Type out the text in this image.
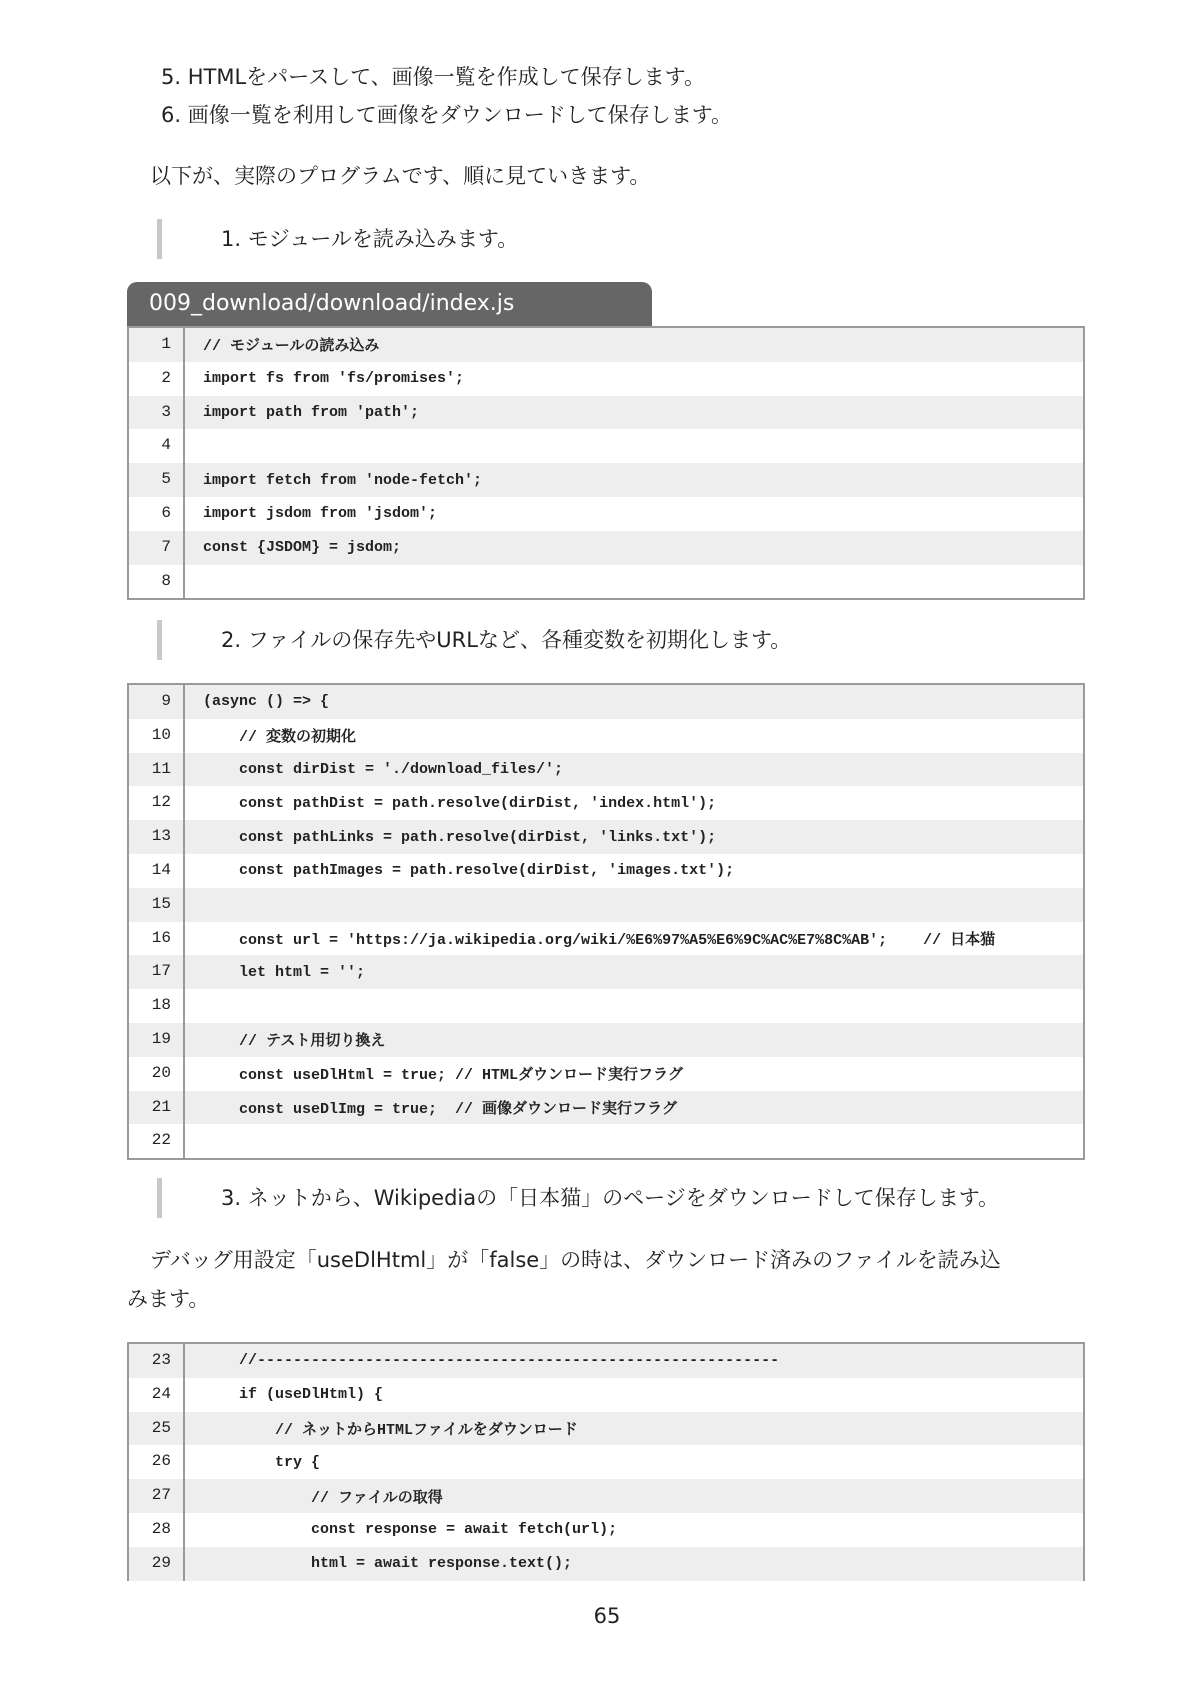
5. HTMLをパースして、画像一覧を作成して保存します。
6. 画像一覧を利用して画像をダウンロードして保存します。
以下が、実際のプログラムです、順に見ていきます。
1. モジュールを読み込みます。
009_download/download/index.js
1	// モジュールの読み込み
2	import fs from 'fs/promises';
3	import path from 'path';
4
5	import fetch from 'node-fetch';
6	import jsdom from 'jsdom';
7	const {JSDOM} = jsdom;
8
2. ファイルの保存先やURLなど、各種変数を初期化します。
9	(async () => {
10	// 変数の初期化
11	const dirDist = './download_files/';
12	const pathDist = path.resolve(dirDist, 'index.html');
13	const pathLinks = path.resolve(dirDist, 'links.txt');
14	const pathImages = path.resolve(dirDist, 'images.txt');
15
16	const url = 'https://ja.wikipedia.org/wiki/%E6%97%A5%E6%9C%AC%E7%8C%AB';    // 日本猫
17	let html = '';
18
19	// テスト用切り換え
20	const useDlHtml = true; // HTMLダウンロード実行フラグ
21	const useDlImg = true;  // 画像ダウンロード実行フラグ
22
3. ネットから、Wikipediaの「日本猫」のページをダウンロードして保存します。
デバッグ用設定「useDlHtml」が「false」の時は、ダウンロード済みのファイルを読み込
みます。
23	//----------------------------------------------------------
24	if (useDlHtml) {
25	// ネットからHTMLファイルをダウンロード
26	try {
27	// ファイルの取得
28	const response = await fetch(url);
29	html = await response.text();
65
